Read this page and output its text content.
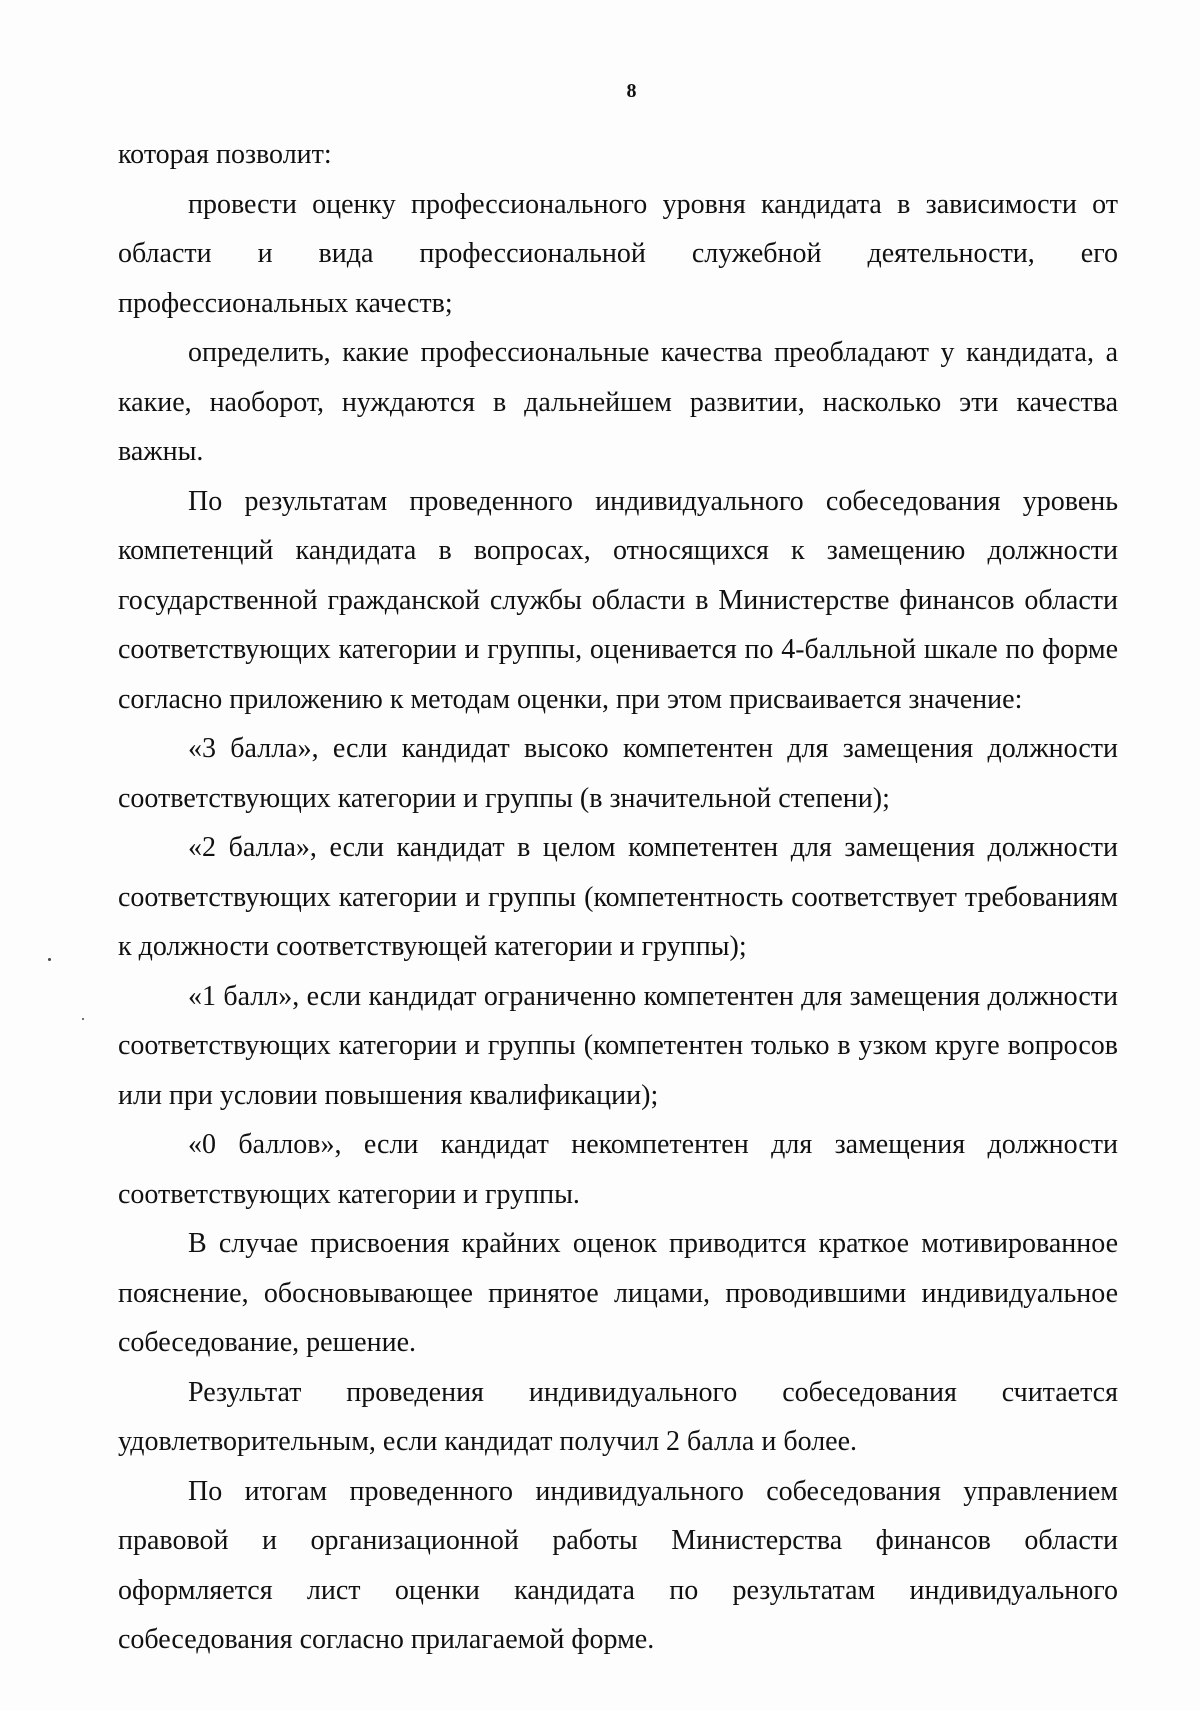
8

которая позволит:

провести оценку профессионального уровня кандидата в зависимости от области и вида профессиональной служебной деятельности, его профессиональных качеств;

определить, какие профессиональные качества преобладают у кандидата, а какие, наоборот, нуждаются в дальнейшем развитии, насколько эти качества важны.

По результатам проведенного индивидуального собеседования уровень компетенций кандидата в вопросах, относящихся к замещению должности государственной гражданской службы области в Министерстве финансов области соответствующих категории и группы, оценивается по 4-балльной шкале по форме согласно приложению к методам оценки, при этом присваивается значение:

«3 балла», если кандидат высоко компетентен для замещения должности соответствующих категории и группы (в значительной степени);

«2 балла», если кандидат в целом компетентен для замещения должности соответствующих категории и группы (компетентность соответствует требованиям к должности соответствующей категории и группы);

«1 балл», если кандидат ограниченно компетентен для замещения должности соответствующих категории и группы (компетентен только в узком круге вопросов или при условии повышения квалификации);

«0 баллов», если кандидат некомпетентен для замещения должности соответствующих категории и группы.

В случае присвоения крайних оценок приводится краткое мотивированное пояснение, обосновывающее принятое лицами, проводившими индивидуальное собеседование, решение.

Результат проведения индивидуального собеседования считается удовлетворительным, если кандидат получил 2 балла и более.

По итогам проведенного индивидуального собеседования управлением правовой и организационной работы Министерства финансов области оформляется лист оценки кандидата по результатам индивидуального собеседования согласно прилагаемой форме.
